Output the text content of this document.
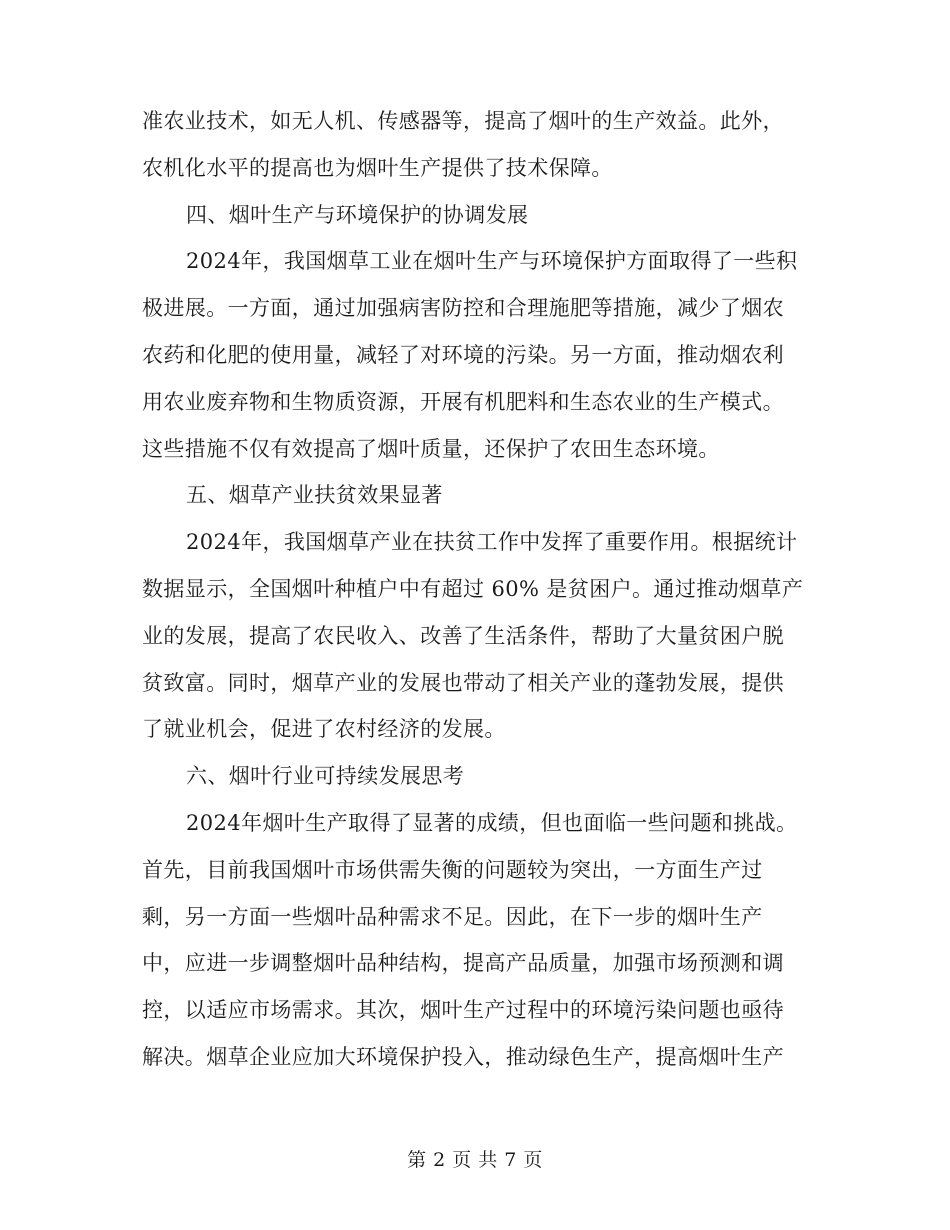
准农业技术，如无人机、传感器等，提高了烟叶的生产效益。此外，
农机化水平的提高也为烟叶生产提供了技术保障。
四、烟叶生产与环境保护的协调发展
2024年，我国烟草工业在烟叶生产与环境保护方面取得了一些积
极进展。一方面，通过加强病害防控和合理施肥等措施，减少了烟农
农药和化肥的使用量，减轻了对环境的污染。另一方面，推动烟农利
用农业废弃物和生物质资源，开展有机肥料和生态农业的生产模式。
这些措施不仅有效提高了烟叶质量，还保护了农田生态环境。
五、烟草产业扶贫效果显著
2024年，我国烟草产业在扶贫工作中发挥了重要作用。根据统计
数据显示，全国烟叶种植户中有超过 60% 是贫困户。通过推动烟草产
业的发展，提高了农民收入、改善了生活条件，帮助了大量贫困户脱
贫致富。同时，烟草产业的发展也带动了相关产业的蓬勃发展，提供
了就业机会，促进了农村经济的发展。
六、烟叶行业可持续发展思考
2024年烟叶生产取得了显著的成绩，但也面临一些问题和挑战。
首先，目前我国烟叶市场供需失衡的问题较为突出，一方面生产过
剩，另一方面一些烟叶品种需求不足。因此，在下一步的烟叶生产
中，应进一步调整烟叶品种结构，提高产品质量，加强市场预测和调
控，以适应市场需求。其次，烟叶生产过程中的环境污染问题也亟待
解决。烟草企业应加大环境保护投入，推动绿色生产，提高烟叶生产
第 2 页 共 7 页
